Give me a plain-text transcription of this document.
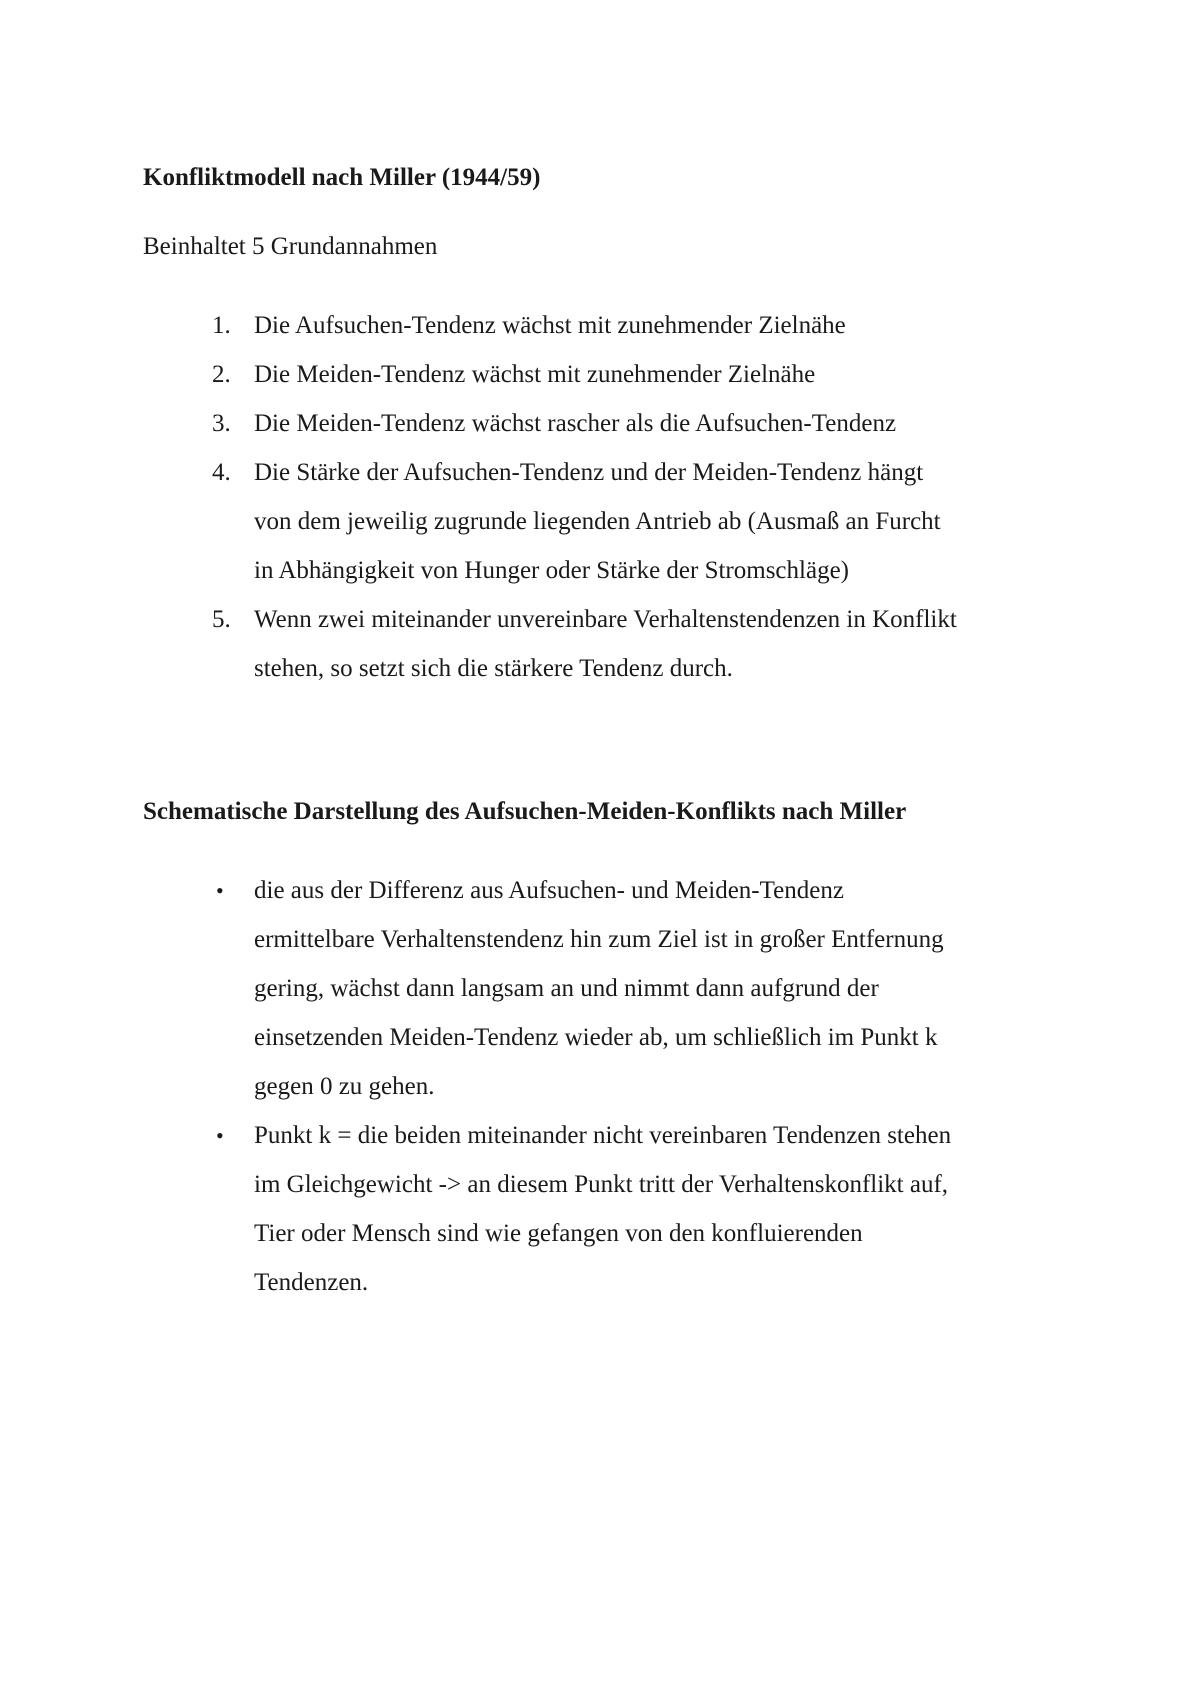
Konfliktmodell nach Miller (1944/59)

Beinhaltet 5 Grundannahmen

1. Die Aufsuchen-Tendenz wächst mit zunehmender Zielnähe
2. Die Meiden-Tendenz wächst mit zunehmender Zielnähe
3. Die Meiden-Tendenz wächst rascher als die Aufsuchen-Tendenz
4. Die Stärke der Aufsuchen-Tendenz und der Meiden-Tendenz hängt
von dem jeweilig zugrunde liegenden Antrieb ab (Ausmaß an Furcht
in Abhängigkeit von Hunger oder Stärke der Stromschläge)
5. Wenn zwei miteinander unvereinbare Verhaltenstendenzen in Konflikt
stehen, so setzt sich die stärkere Tendenz durch.
Schematische Darstellung des Aufsuchen-Meiden-Konflikts nach Miller
• die aus der Differenz aus Aufsuchen- und Meiden-Tendenz
ermittelbare Verhaltenstendenz hin zum Ziel ist in großer Entfernung
gering, wächst dann langsam an und nimmt dann aufgrund der
einsetzenden Meiden-Tendenz wieder ab, um schließlich im Punkt k
gegen 0 zu gehen.
• Punkt k = die beiden miteinander nicht vereinbaren Tendenzen stehen
im Gleichgewicht -> an diesem Punkt tritt der Verhaltenskonflikt auf,
Tier oder Mensch sind wie gefangen von den konfluierenden
Tendenzen.
